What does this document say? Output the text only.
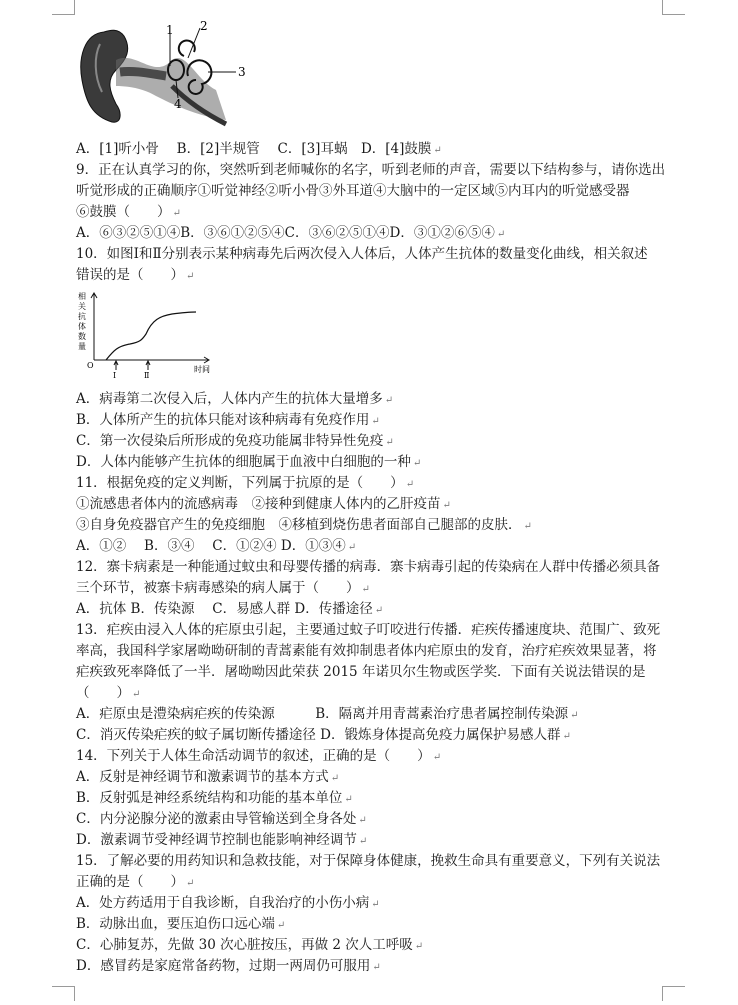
1 2
3
4
A．[1]听小骨　 B．[2]半规管　 C．[3]耳蜗　D．[4]鼓膜 ↵
9．正在认真学习的你，突然听到老师喊你的名字，听到老师的声音，需要以下结构参与，请你选出
听觉形成的正确顺序①听觉神经②听小骨③外耳道④大脑中的一定区域⑤内耳内的听觉感受器
⑥鼓膜（　　） ↵
A．⑥③②⑤①④B．③⑥①②⑤④C．③⑥②⑤①④D．③①②⑥⑤④ ↵
10．如图Ⅰ和Ⅱ分别表示某种病毒先后两次侵入人体后，人体产生抗体的数量变化曲线，相关叙述
错误的是（　　） ↵
相
关
抗
体
数
量
O
Ⅰ	Ⅱ
时间
A．病毒第二次侵入后，人体内产生的抗体大量增多 ↵
B．人体所产生的抗体只能对该种病毒有免疫作用 ↵
C．第一次侵染后所形成的免疫功能属非特异性免疫 ↵
D．人体内能够产生抗体的细胞属于血液中白细胞的一种 ↵
11．根据免疫的定义判断，下列属于抗原的是（　　） ↵
①流感患者体内的流感病毒　②接种到健康人体内的乙肝疫苗 ↵
③自身免疫器官产生的免疫细胞　④移植到烧伤患者面部自己腿部的皮肤． ↵
A．①②　 B．③④　 C．①②④ D．①③④ ↵
12．寨卡病素是一种能通过蚊虫和母婴传播的病毒．寨卡病毒引起的传染病在人群中传播必须具备
三个环节，被寨卡病毒感染的病人属于（　　） ↵
A．抗体 B．传染源　 C．易感人群 D．传播途径 ↵
13．疟疾由浸入人体的疟原虫引起，主要通过蚊子叮咬进行传播．疟疾传播速度块、范围广、致死
率高，我国科学家屠呦呦研制的青蒿素能有效抑制患者体内疟原虫的发育，治疗疟疾效果显著，将
疟疾致死率降低了一半．屠呦呦因此荣获 2015 年诺贝尔生物或医学奖．下面有关说法错误的是
（　　） ↵
A．疟原虫是澧染病疟疾的传染源　　　B．隔离并用青蒿素治疗患者属控制传染源 ↵
C．消灭传染疟疾的蚊子属切断传播途径 D．锻炼身体提高免疫力属保护易感人群 ↵
14．下列关于人体生命活动调节的叙述，正确的是（　　） ↵
A．反射是神经调节和激素调节的基本方式 ↵
B．反射弧是神经系统结构和功能的基本单位 ↵
C．内分泌腺分泌的激素由导管输送到全身各处 ↵
D．激素调节受神经调节控制也能影响神经调节 ↵
15．了解必要的用药知识和急救技能，对于保障身体健康，挽救生命具有重要意义，下列有关说法
正确的是（　　） ↵
A．处方药适用于自我诊断，自我治疗的小伤小病 ↵
B．动脉出血，要压迫伤口远心端 ↵
C．心肺复苏，先做 30 次心脏按压，再做 2 次人工呼吸 ↵
D．感冒药是家庭常备药物，过期一两周仍可服用 ↵
